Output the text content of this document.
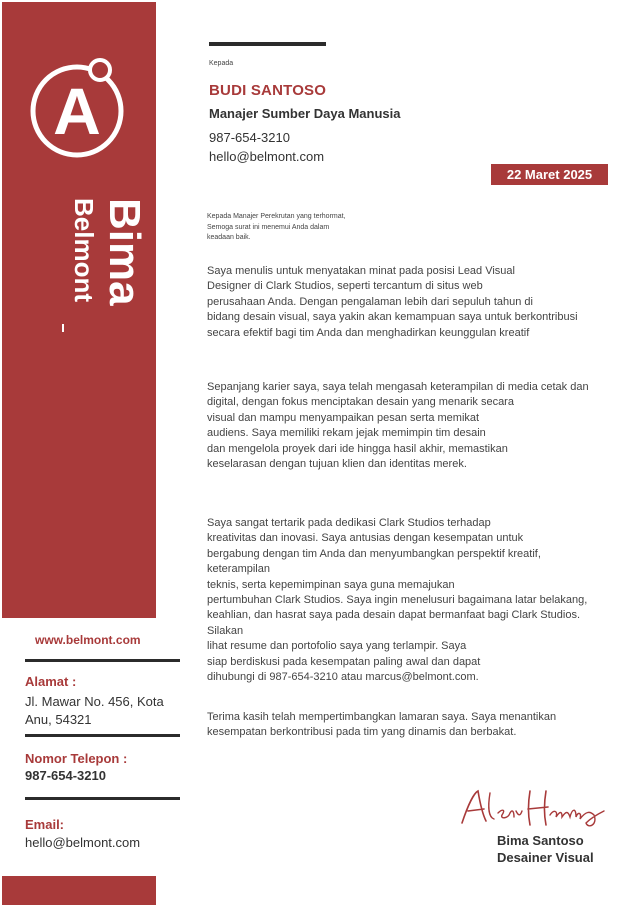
A
Bima
Belmont
www.belmont.com
Alamat :
Jl. Mawar No. 456, Kota Anu, 54321
Nomor Telepon :
987-654-3210
Email:
hello@belmont.com
Kepada
BUDI SANTOSO
Manajer Sumber Daya Manusia
987-654-3210
hello@belmont.com
22 Maret 2025
Kepada Manajer Perekrutan yang terhormat,
Semoga surat ini menemui Anda dalam
keadaan baik.
Saya menulis untuk menyatakan minat pada posisi Lead Visual
Designer di Clark Studios, seperti tercantum di situs web
perusahaan Anda. Dengan pengalaman lebih dari sepuluh tahun di
bidang desain visual, saya yakin akan kemampuan saya untuk berkontribusi
secara efektif bagi tim Anda dan menghadirkan keunggulan kreatif
Sepanjang karier saya, saya telah mengasah keterampilan di media cetak dan
digital, dengan fokus menciptakan desain yang menarik secara
visual dan mampu menyampaikan pesan serta memikat
audiens. Saya memiliki rekam jejak memimpin tim desain
dan mengelola proyek dari ide hingga hasil akhir, memastikan
keselarasan dengan tujuan klien dan identitas merek.
Saya sangat tertarik pada dedikasi Clark Studios terhadap
kreativitas dan inovasi. Saya antusias dengan kesempatan untuk
bergabung dengan tim Anda dan menyumbangkan perspektif kreatif,
keterampilan
teknis, serta kepemimpinan saya guna memajukan
pertumbuhan Clark Studios. Saya ingin menelusuri bagaimana latar belakang,
keahlian, dan hasrat saya pada desain dapat bermanfaat bagi Clark Studios.
Silakan
lihat resume dan portofolio saya yang terlampir. Saya
siap berdiskusi pada kesempatan paling awal dan dapat
dihubungi di 987-654-3210 atau marcus@belmont.com.
Terima kasih telah mempertimbangkan lamaran saya. Saya menantikan
kesempatan berkontribusi pada tim yang dinamis dan berbakat.
Bima Santoso
Desainer Visual
